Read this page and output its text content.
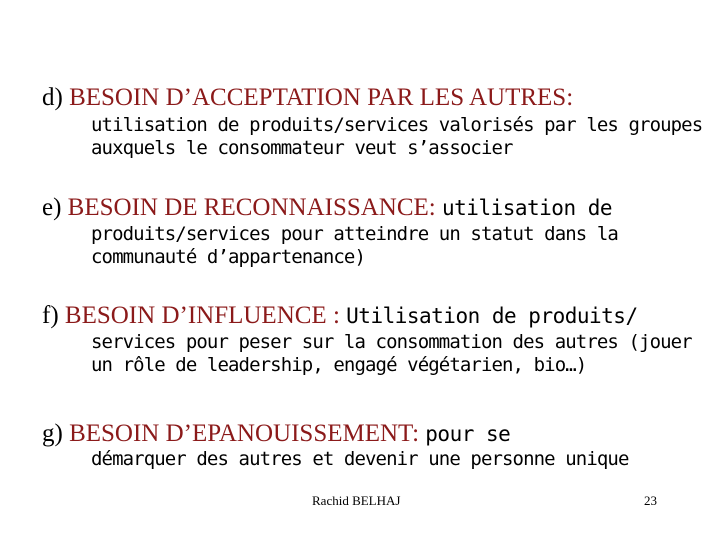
d) BESOIN D’ACCEPTATION PAR LES AUTRES:
utilisation de produits/services valorisés par les groupes
auxquels le consommateur veut s’associer
e) BESOIN DE RECONNAISSANCE: utilisation de
produits/services pour atteindre un statut dans la
communauté d’appartenance)
f) BESOIN D’INFLUENCE : Utilisation de produits/
services pour peser sur la consommation des autres (jouer
un rôle de leadership, engagé végétarien, bio…)
g) BESOIN D’EPANOUISSEMENT: pour se
démarquer des autres et devenir une personne unique
Rachid BELHAJ	23
